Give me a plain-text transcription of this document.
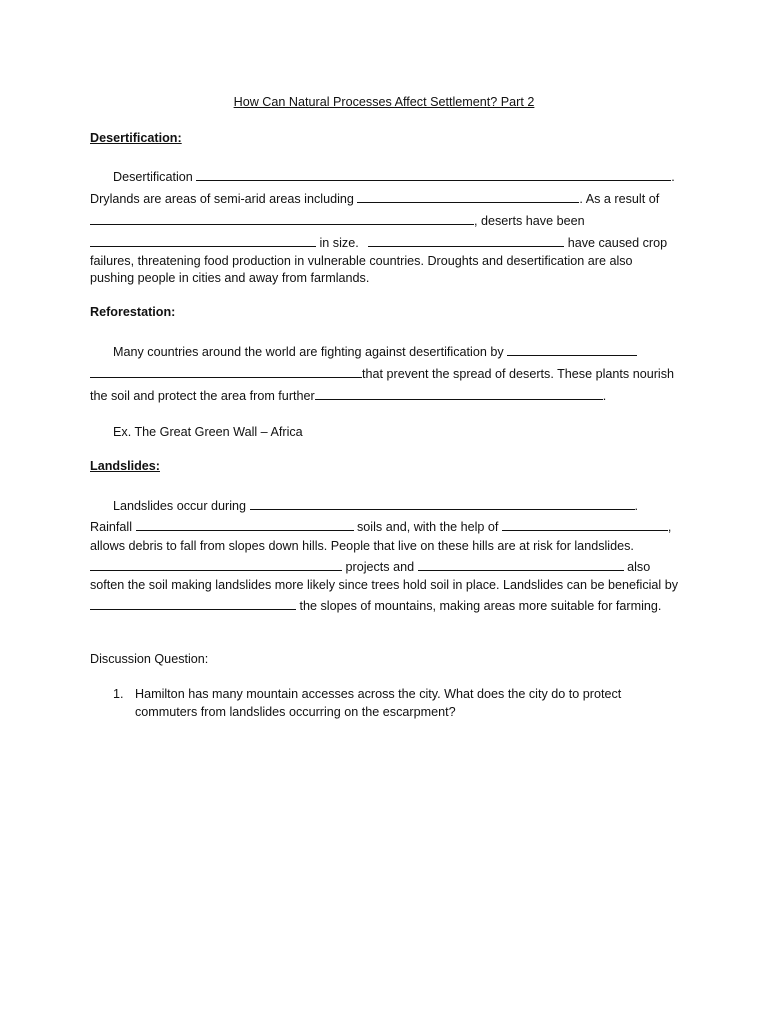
How Can Natural Processes Affect Settlement? Part 2
Desertification:
Desertification	.
Drylands are areas of semi-arid areas including	. As a result of
, deserts have been
in size.	have caused crop
failures, threatening food production in vulnerable countries. Droughts and desertification are also
pushing people in cities and away from farmlands.
Reforestation:
Many countries around the world are fighting against desertification by
that prevent the spread of deserts. These plants nourish
the soil and protect the area from further	.
Ex. The Great Green Wall – Africa
Landslides:
Landslides occur during	.
Rainfall	soils and, with the help of	,
allows debris to fall from slopes down hills. People that live on these hills are at risk for landslides.
projects and	also
soften the soil making landslides more likely since trees hold soil in place. Landslides can be beneficial by
the slopes of mountains, making areas more suitable for farming.
Discussion Question:
1. Hamilton has many mountain accesses across the city. What does the city do to protect
commuters from landslides occurring on the escarpment?
